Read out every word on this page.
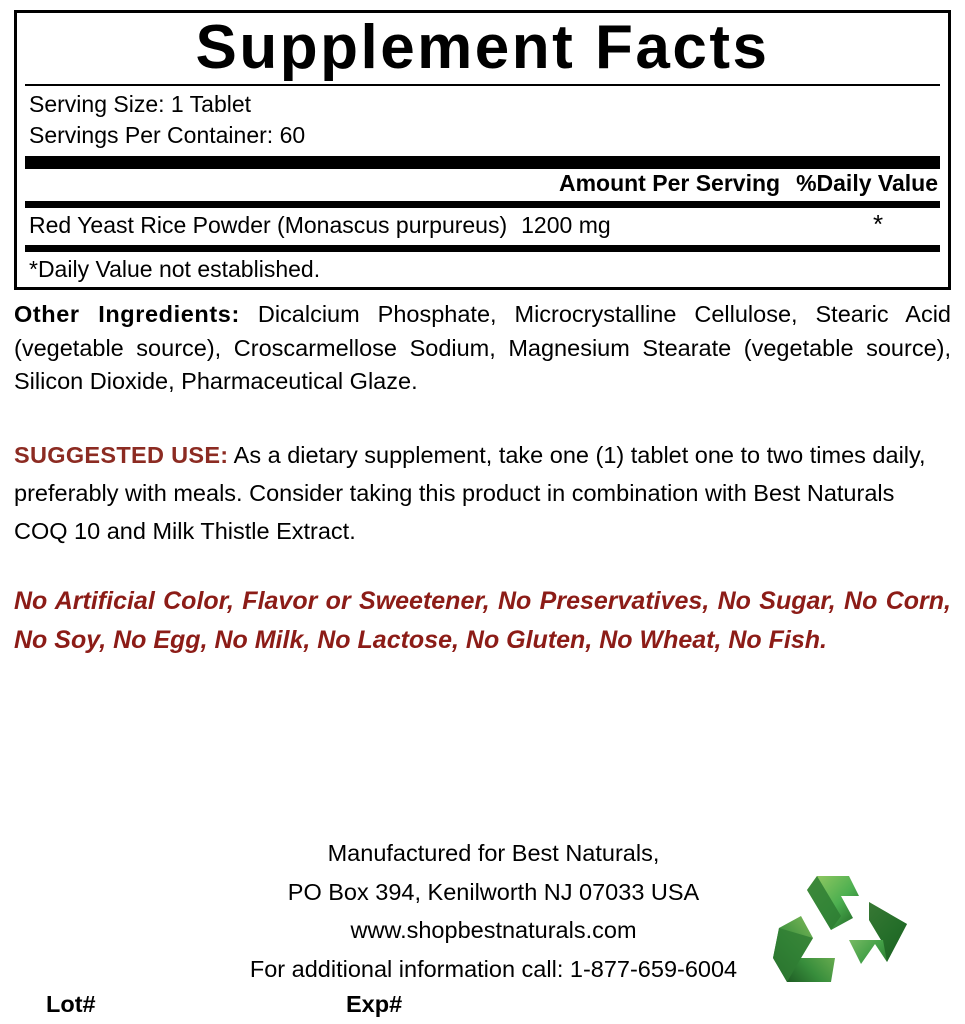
Supplement Facts
Serving Size: 1 Tablet
Servings Per Container: 60
Amount Per Serving %Daily Value
Red Yeast Rice Powder (Monascus purpureus) 1200 mg	*
*Daily Value not established.
Other Ingredients: Dicalcium Phosphate, Microcrystalline Cellulose, Stearic Acid (vegetable source), Croscarmellose Sodium, Magnesium Stearate (vegetable source), Silicon Dioxide, Pharmaceutical Glaze.
SUGGESTED USE: As a dietary supplement, take one (1) tablet one to two times daily, preferably with meals. Consider taking this product in combination with Best Naturals COQ 10 and Milk Thistle Extract.
No Artificial Color, Flavor or Sweetener, No Preservatives, No Sugar, No Corn, No Soy, No Egg, No Milk, No Lactose, No Gluten, No Wheat, No Fish.
Manufactured for Best Naturals,
PO Box 394, Kenilworth NJ 07033 USA
www.shopbestnaturals.com
For additional information call: 1-877-659-6004
Lot#	Exp#
